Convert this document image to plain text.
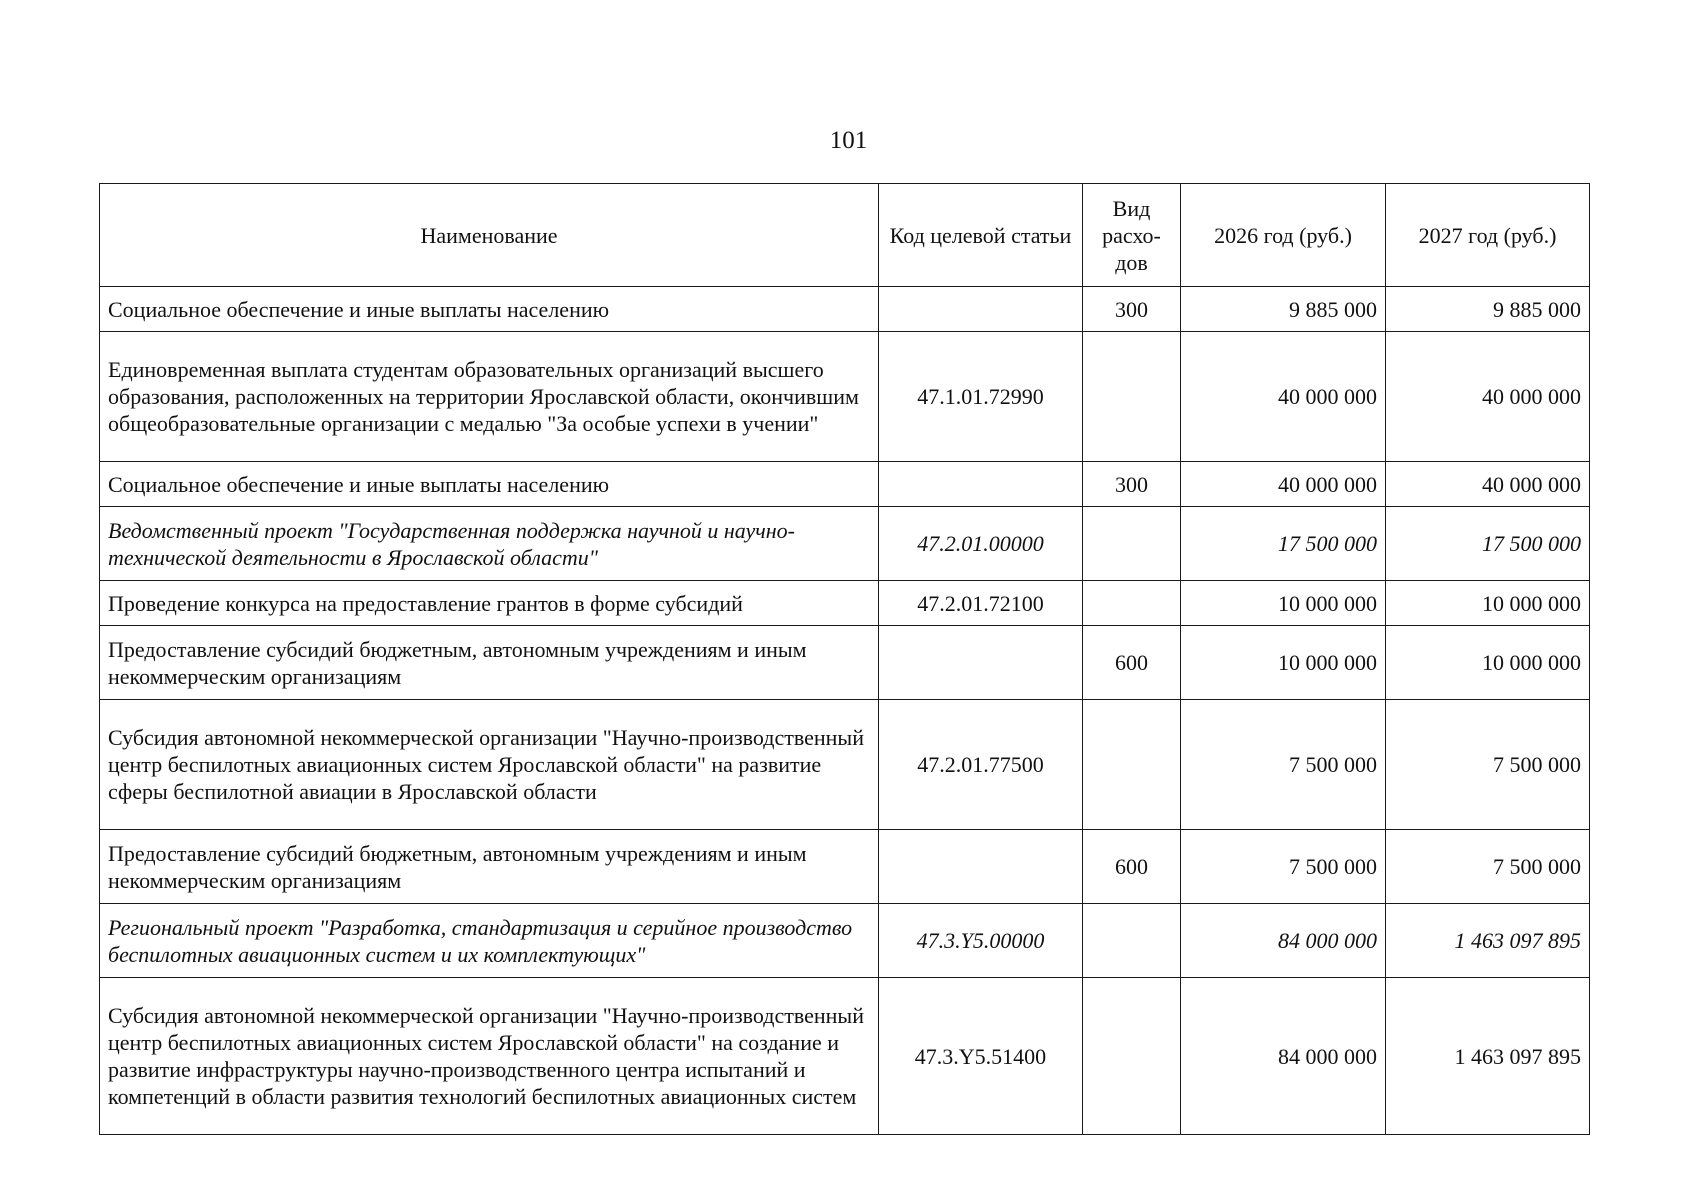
101
Наименование	Код целевой статьи	Вид расхо-дов	2026 год (руб.)	2027 год (руб.)
Социальное обеспечение и иные выплаты населению		300	9 885 000	9 885 000
Единовременная выплата студентам образовательных организаций высшего образования, расположенных на территории Ярославской области, окончившим общеобразовательные организации с медалью "За особые успехи в учении"	47.1.01.72990		40 000 000	40 000 000
Социальное обеспечение и иные выплаты населению		300	40 000 000	40 000 000
Ведомственный проект "Государственная поддержка научной и научно-технической деятельности в Ярославской области"	47.2.01.00000		17 500 000	17 500 000
Проведение конкурса на предоставление грантов в форме субсидий	47.2.01.72100		10 000 000	10 000 000
Предоставление субсидий бюджетным, автономным учреждениям и иным некоммерческим организациям		600	10 000 000	10 000 000
Субсидия автономной некоммерческой организации "Научно-производственный центр беспилотных авиационных систем Ярославской области" на развитие сферы беспилотной авиации в Ярославской области	47.2.01.77500		7 500 000	7 500 000
Предоставление субсидий бюджетным, автономным учреждениям и иным некоммерческим организациям		600	7 500 000	7 500 000
Региональный проект "Разработка, стандартизация и серийное производство беспилотных авиационных систем и их комплектующих"	47.3.Y5.00000		84 000 000	1 463 097 895
Субсидия автономной некоммерческой организации "Научно-производственный центр беспилотных авиационных систем Ярославской области" на создание и развитие инфраструктуры научно-производственного центра испытаний и компетенций в области развития технологий беспилотных авиационных систем	47.3.Y5.51400		84 000 000	1 463 097 895
